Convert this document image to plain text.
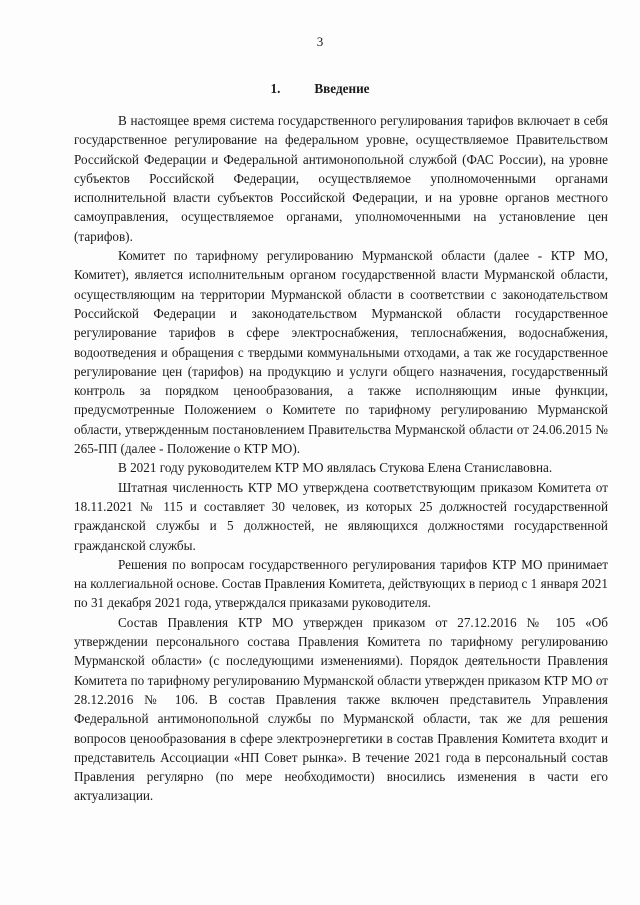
3
1.	Введение

В настоящее время система государственного регулирования тарифов включает в себя государственное регулирование на федеральном уровне, осуществляемое Правительством Российской Федерации и Федеральной антимонопольной службой (ФАС России), на уровне субъектов Российской Федерации, осуществляемое уполномоченными органами исполнительной власти субъектов Российской Федерации, и на уровне органов местного самоуправления, осуществляемое органами, уполномоченными на установление цен (тарифов).

Комитет по тарифному регулированию Мурманской области (далее - КТР МО, Комитет), является исполнительным органом государственной власти Мурманской области, осуществляющим на территории Мурманской области в соответствии с законодательством Российской Федерации и законодательством Мурманской области государственное регулирование тарифов в сфере электроснабжения, теплоснабжения, водоснабжения, водоотведения и обращения с твердыми коммунальными отходами, а так же государственное регулирование цен (тарифов) на продукцию и услуги общего назначения, государственный контроль за порядком ценообразования, а также исполняющим иные функции, предусмотренные Положением о Комитете по тарифному регулированию Мурманской области, утвержденным постановлением Правительства Мурманской области от 24.06.2015 № 265-ПП (далее - Положение о КТР МО).

В 2021 году руководителем КТР МО являлась Стукова Елена Станиславовна.

Штатная численность КТР МО утверждена соответствующим приказом Комитета от 18.11.2021 № 115 и составляет 30 человек, из которых 25 должностей государственной гражданской службы и 5 должностей, не являющихся должностями государственной гражданской службы.

Решения по вопросам государственного регулирования тарифов КТР МО принимает на коллегиальной основе. Состав Правления Комитета, действующих в период с 1 января 2021 по 31 декабря 2021 года, утверждался приказами руководителя.

Состав Правления КТР МО утвержден приказом от 27.12.2016 № 105 «Об утверждении персонального состава Правления Комитета по тарифному регулированию Мурманской области» (с последующими изменениями). Порядок деятельности Правления Комитета по тарифному регулированию Мурманской области утвержден приказом КТР МО от 28.12.2016 № 106. В состав Правления также включен представитель Управления Федеральной антимонопольной службы по Мурманской области, так же для решения вопросов ценообразования в сфере электроэнергетики в состав Правления Комитета входит и представитель Ассоциации «НП Совет рынка». В течение 2021 года в персональный состав Правления регулярно (по мере необходимости) вносились изменения в части его актуализации.
